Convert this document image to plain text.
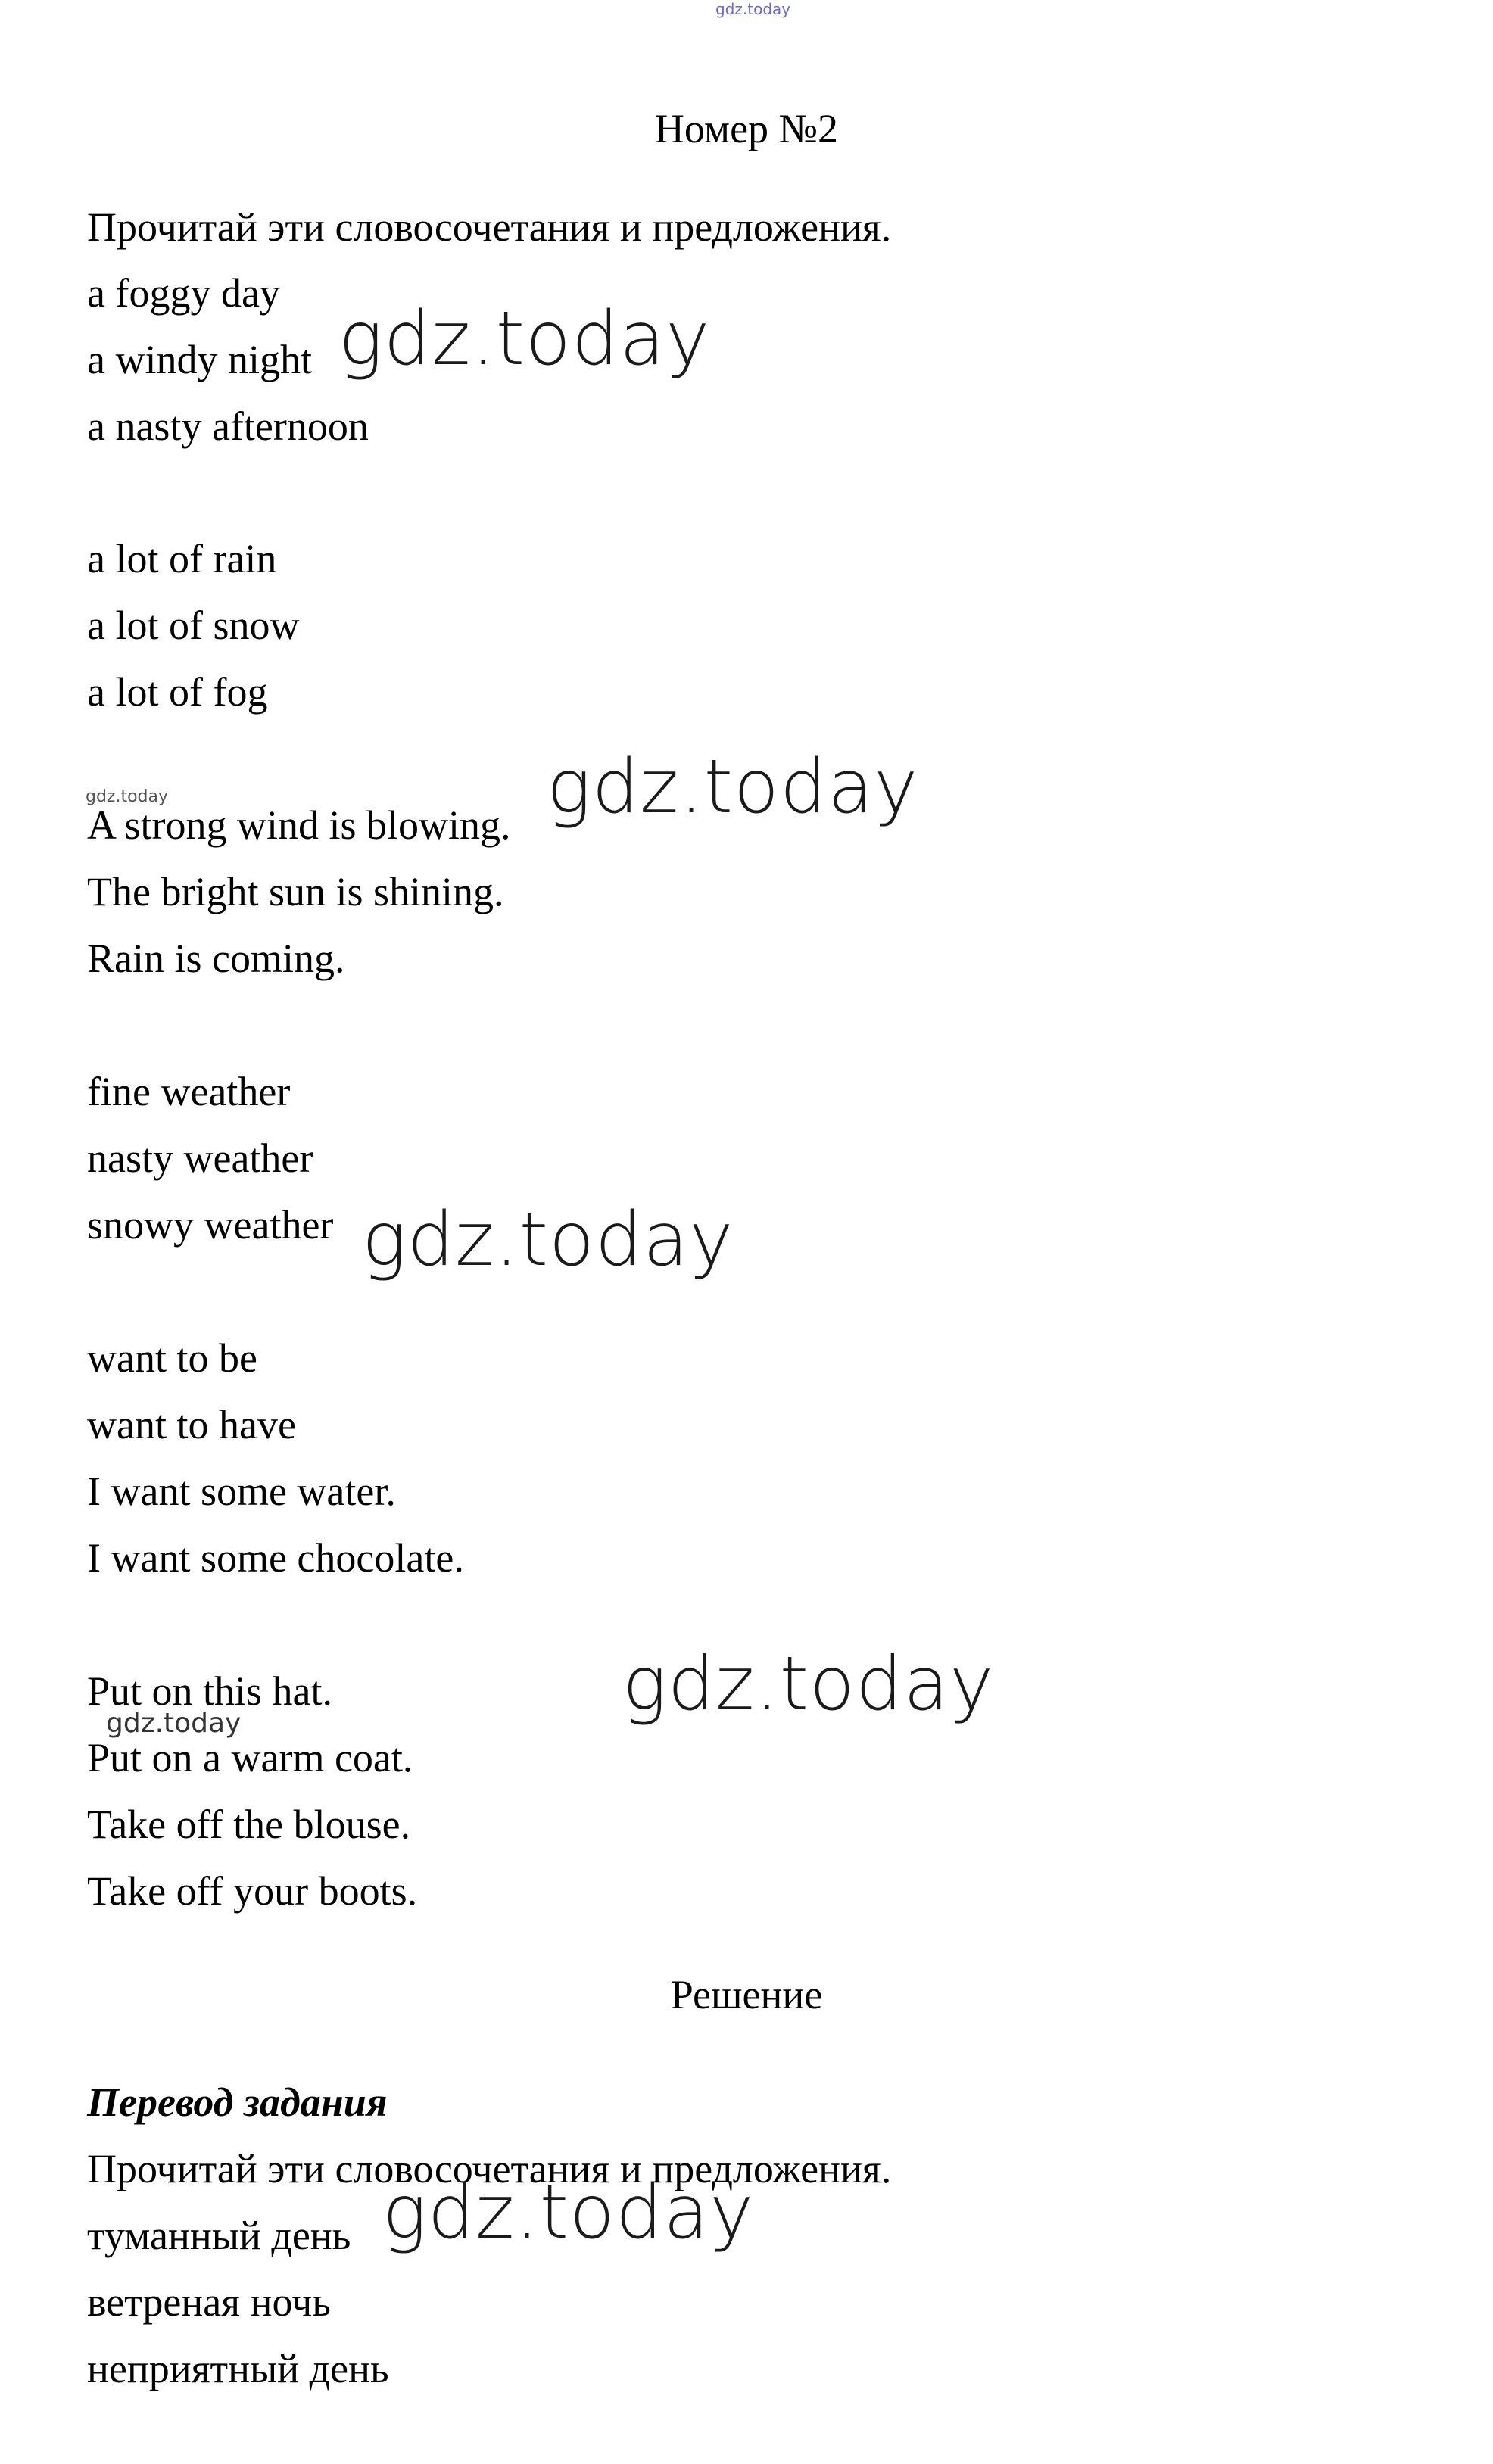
gdz.today
Номер №2
Прочитай эти словосочетания и предложения.
a foggy day
a windy night
a nasty afternoon
gdz.today
a lot of rain
a lot of snow
a lot of fog
gdz.today
A strong wind is blowing.
The bright sun is shining.
Rain is coming.
gdz.today
fine weather
nasty weather
snowy weather gdz.today
want to be
want to have
I want some water.
I want some chocolate.
Put on this hat.
gdz.today
Put on a warm coat.
Take off the blouse.
Take off your boots.
gdz.today
Решение
Перевод задания
Прочитай эти словосочетания и предложения.
туманный день
ветреная ночь
неприятный день
gdz.today
